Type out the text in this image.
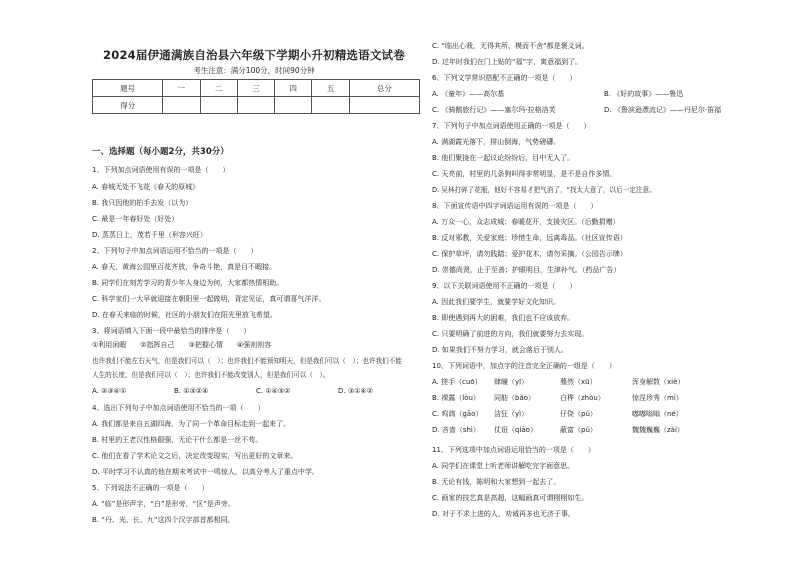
2024届伊通满族自治县六年级下学期小升初精选语文试卷
考生注意：满分100分，时间90分钟
题号	一	二	三	四	五	总分
得分						
一、选择题（每小题2分，共30分）
1、下列加点词语使用有误的一项是（　　）
A. 春城无处不飞花《春天的原城》
B. 我只因他的拍手去发（以为）
C. 最是一年春好处（好处）
D. 蒸蒸日上，茂若千里（形容兴旺）
2、下列句子中加点词语运用不恰当的一项是（　　）
A. 春天，黄海公园里百花齐放，争奇斗艳，真是目不暇接。
B. 同学们在刻苦学习的青少年人身边为何，大家都热情相助。
C. 科学家们一大早就迎接在朝阳里一起做明，背定见证，真可谓喜气洋洋。
D. 在春天来临的时候，社区的小朋友们在阳光里放飞希望。
3、将词语填入下面一段中最恰当的排序是（　　）
①利用闲暇　　②指挥自己　　③把握心情　　④强则则容
也许我们不能左右天气，但是我们可以（　）；也许我们不能预知明天，但是我们可以（　）；也许我们不能
人生的长度，但是我们可以（　）；也许我们不能改变别人，但是我们可以（　）。
A. ②③④①	B. ①③②④	C. ①④③②	D. ③①④②
4、选出下列句子中加点词语使用不恰当的一项（　　）
A. 我们都是来自五湖四海，为了同一个革命目标走到一起来了。
B. 村里的王老汉性格倔强，无论干什么都是一丝不苟。
C. 他们在看了学术论文之后，决定改变现实，写出更好的文章来。
D. 平时学习不认真的他在期末考试中一鸣惊人，以高分考入了重点中学。
5、下列说法不正确的一项是（　　）
A. “临”是形声字，“白”是形旁，“区”是声旁。
B. “丹、光、长、九”这四个汉字部首都相同。
C. “临出心栽，无得其所，模而不舍”都是褒义词。
D. 过年时我们在门上贴的“福”字，寓意福到了。
6、下列文学常识搭配不正确的一项是（　　）
A. 《童年》——高尔基	B. 《好的故事》——鲁迅
C. 《骑鹅旅行记》——塞尔玛·拉格洛芙	D. 《鲁滨逊漂流记》——丹尼尔·笛福
7、下列句子中加点词语使用正确的一项是（　　）
A. 满湖霞光落下，排山倒海，气势磅礴。
B. 他们聚拢在一起议论纷纷后，目中无人了。
C. 天亮前，村里的几条狗叫得非常明显，是不是自作多情。
D. 吴林打碎了花瓶，他好不容易才把气消了，“找太大意了，以后一定注意。
8、下面宣传语中四字词语运用有误的一项是（　　）
A. 万众一心，众志成城；春暖花开，支援灾区。（后勤捐赠）
B. 反对邪教，关爱家庭；珍惜生命，远离毒品。（社区宣传语）
C. 保护草坪，请勿践踏；爱护花木，请勿采摘。（公园告示牌）
D. 崇德尚贤，止于至善；护眼明目，生津补气。（药品广告）
9、以下关联词语使用不正确的一项是（　　）
A. 因此我们要学生，就要学好文化知识。
B. 即使遇到再大的困难，我们也不应该放弃。
C. 只要明确了前进的方向，我们就要努力去实现。
D. 如果我们不努力学习，就会落后于别人。
10、下列词语中，加点字的注音完全正确的一组是（　　）
A. 搓手（cuō） 肆瞳（yī）	蓦然（xū）	浑身解数（xiè）
B. 裸露（lòu） 同舫（bǎo）	白桦（zhòu）	惊涅珍秀（mì）
C. 鸡鸽（gāo） 洁狂（yì）	仔侥（pǔ）	嘟嘟嗡嗡（né）
D. 吝啬（shì） 仗诳（qiāo）	蔽富（pǔ）	魏魏巍巍（zài）
11、下列选项中加点词语运用恰当的一项是（　　）
A. 同学们在课堂上听老师讲解吃完字面意思。
B. 无论有钱，陈明和大家想到一起去了。
C. 画家的技艺真是高超，这幅画真可谓栩栩如生。
D. 对于不求上进的人，劝诫再多也无济于事。
